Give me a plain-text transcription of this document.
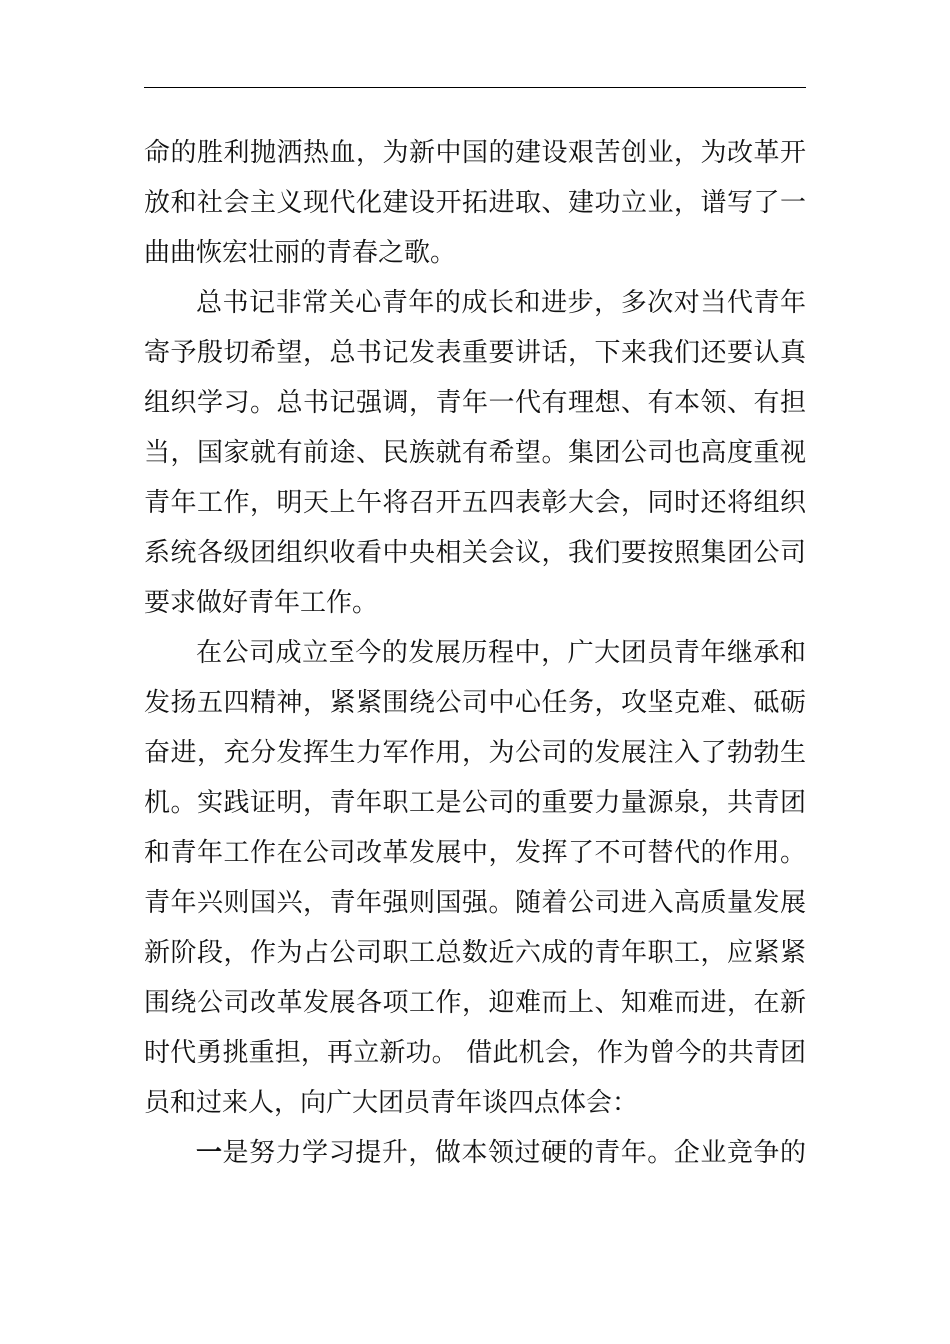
命的胜利抛洒热血，为新中国的建设艰苦创业，为改革开
放和社会主义现代化建设开拓进取、建功立业，谱写了一
曲曲恢宏壮丽的青春之歌。
总书记非常关心青年的成长和进步，多次对当代青年
寄予殷切希望，总书记发表重要讲话，下来我们还要认真
组织学习。总书记强调，青年一代有理想、有本领、有担
当，国家就有前途、民族就有希望。集团公司也高度重视
青年工作，明天上午将召开五四表彰大会，同时还将组织
系统各级团组织收看中央相关会议，我们要按照集团公司
要求做好青年工作。
在公司成立至今的发展历程中，广大团员青年继承和
发扬五四精神，紧紧围绕公司中心任务，攻坚克难、砥砺
奋进，充分发挥生力军作用，为公司的发展注入了勃勃生
机。实践证明，青年职工是公司的重要力量源泉，共青团
和青年工作在公司改革发展中，发挥了不可替代的作用。
青年兴则国兴，青年强则国强。随着公司进入高质量发展
新阶段，作为占公司职工总数近六成的青年职工，应紧紧
围绕公司改革发展各项工作，迎难而上、知难而进，在新
时代勇挑重担，再立新功。 借此机会，作为曾今的共青团
员和过来人，向广大团员青年谈四点体会：
一是努力学习提升，做本领过硬的青年。企业竞争的
